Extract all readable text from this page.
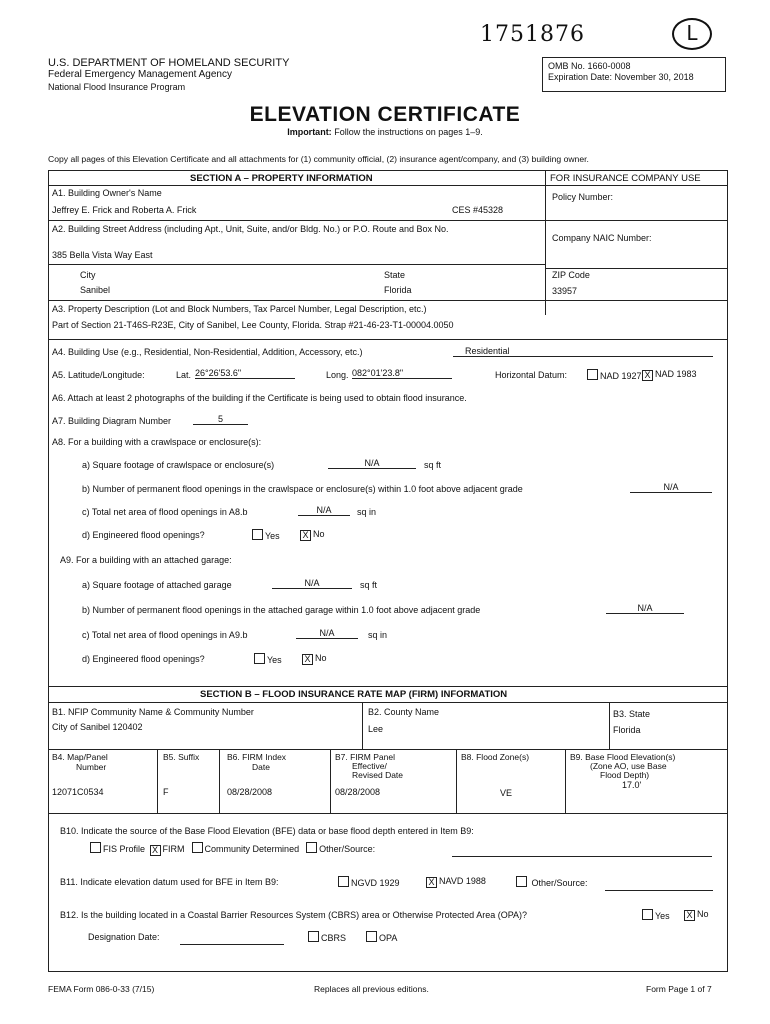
1751876	L
U.S. DEPARTMENT OF HOMELAND SECURITY
Federal Emergency Management Agency
National Flood Insurance Program
OMB No. 1660-0008
Expiration Date: November 30, 2018
ELEVATION CERTIFICATE
Important: Follow the instructions on pages 1–9.
Copy all pages of this Elevation Certificate and all attachments for (1) community official, (2) insurance agent/company, and (3) building owner.
SECTION A – PROPERTY INFORMATION	FOR INSURANCE COMPANY USE
A1. Building Owner's Name
Jeffrey E. Frick and Roberta A. Frick	CES #45328
Policy Number:
A2. Building Street Address (including Apt., Unit, Suite, and/or Bldg. No.) or P.O. Route and Box No.
385 Bella Vista Way East
Company NAIC Number:
City
Sanibel
State
Florida
ZIP Code
33957
A3. Property Description (Lot and Block Numbers, Tax Parcel Number, Legal Description, etc.)
Part of Section 21-T46S-R23E, City of Sanibel, Lee County, Florida. Strap #21-46-23-T1-00004.0050
A4. Building Use (e.g., Residential, Non-Residential, Addition, Accessory, etc.)	Residential
A5. Latitude/Longitude:	Lat. 26°26'53.6"	Long. 082°01'23.8"	Horizontal Datum:	NAD 1927 X NAD 1983
A6. Attach at least 2 photographs of the building if the Certificate is being used to obtain flood insurance.
A7. Building Diagram Number	5
A8. For a building with a crawlspace or enclosure(s):
a) Square footage of crawlspace or enclosure(s)	N/A	sq ft
b) Number of permanent flood openings in the crawlspace or enclosure(s) within 1.0 foot above adjacent grade	N/A
c) Total net area of flood openings in A8.b	N/A	sq in
d) Engineered flood openings?	Yes	X No
A9. For a building with an attached garage:
a) Square footage of attached garage	N/A	sq ft
b) Number of permanent flood openings in the attached garage within 1.0 foot above adjacent grade	N/A
c) Total net area of flood openings in A9.b	N/A	sq in
d) Engineered flood openings?	Yes	X No
SECTION B – FLOOD INSURANCE RATE MAP (FIRM) INFORMATION
B1. NFIP Community Name & Community Number
City of Sanibel 120402
B2. County Name
Lee
B3. State
Florida
B4. Map/Panel
Number
12071C0534
B5. Suffix
F
B6. FIRM Index
Date
08/28/2008
B7. FIRM Panel
Effective/
Revised Date
08/28/2008
B8. Flood Zone(s)
VE
B9. Base Flood Elevation(s)
(Zone AO, use Base
Flood Depth)
17.0'
B10. Indicate the source of the Base Flood Elevation (BFE) data or base flood depth entered in Item B9:
FIS Profile X FIRM Community Determined Other/Source:
B11. Indicate elevation datum used for BFE in Item B9:	NGVD 1929	X NAVD 1988	Other/Source:
B12. Is the building located in a Coastal Barrier Resources System (CBRS) area or Otherwise Protected Area (OPA)?	Yes	X No
Designation Date:	CBRS	OPA
FEMA Form 086-0-33 (7/15)	Replaces all previous editions.	Form Page 1 of 7
